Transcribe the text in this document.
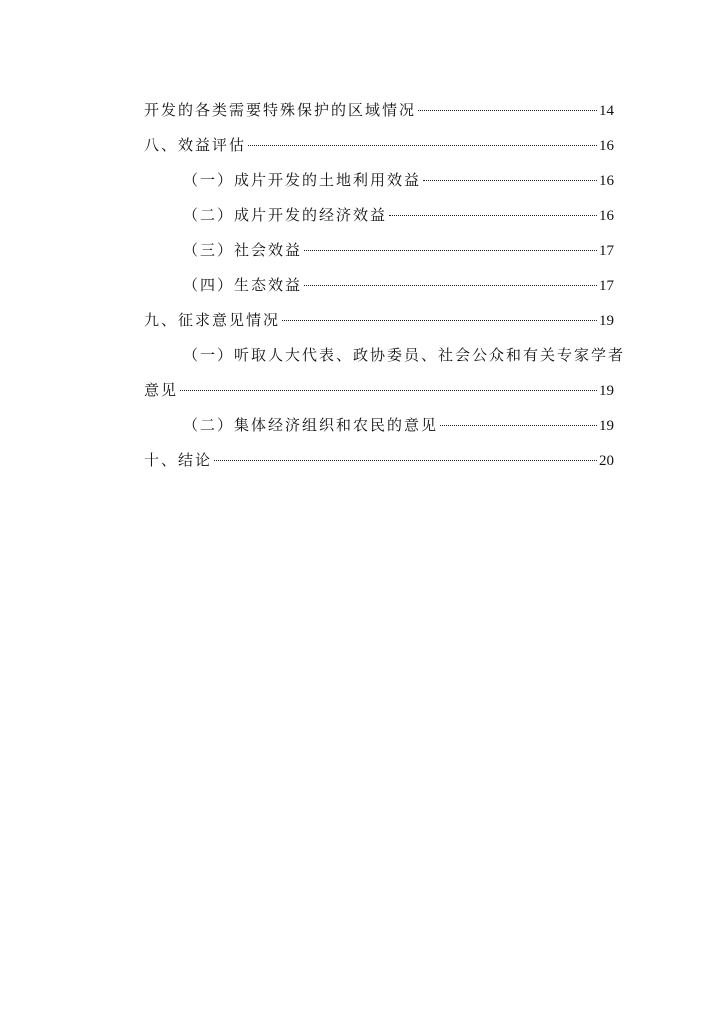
开发的各类需要特殊保护的区域情况	14
八、效益评估	16
（一）成片开发的土地利用效益	16
（二）成片开发的经济效益	16
（三）社会效益	17
（四）生态效益	17
九、征求意见情况	19
（一）听取人大代表、政协委员、社会公众和有关专家学者
意见	19
（二）集体经济组织和农民的意见	19
十、结论	20
